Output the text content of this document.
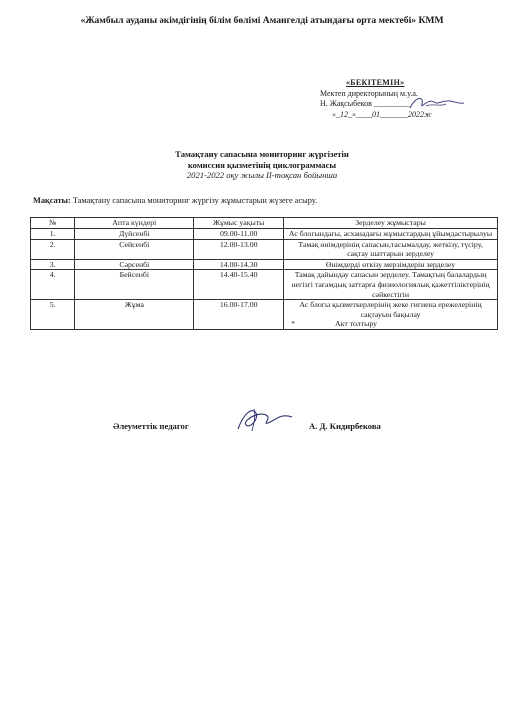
«Жамбыл ауданы әкімдігінің білім бөлімі Амангелді атындағы орта мектебі» КММ
«БЕКІТЕМІН»
Мектеп директорының м.у.а.
Н. Жақсыбеков _________
«_12_»____01_______2022ж
Тамақтану сапасына мониторинг жүргізетін
комиссия қызметінің циклограммасы
2021-2022 оқу жылы II-тоқсан бойынша
Мақсаты: Тамақтану сапасына мониторинг жүргізу жұмыстарын жүзеге асыру.
№	Апта күндері	Жұмыс уақыты	Зерделеу жұмыстары
1.	Дүйсенбі	09.00-11.00	Ас блогындағы, асханадағы жұмыстардың ұйымдастырылуы
2.	Сейсенбі	12.00-13.00	Тамақ өнімдерінің сапасын,тасымалдау, жеткізу, түсіру, сақтау шаттарын зерделеу
3.	Сәрсенбі	14.00-14.30	Өнімдерді өткізу мерзімдерін зерделеу
4.	Бейсенбі	14.40-15.40	Тамақ дайындау сапасын зерделеу. Тамақтың балалардың негізгі тағамдық заттарға физиологиялық қажеттіліктерінің сәйкестігін
5.	Жұма	16.00-17.00	Ас блогы қызметкерлерінің жеке гигиена ережелерінің сақтауын бақылау
* Акт толтыру
Әлеуметтік педагог	А. Д. Кидирбекова
